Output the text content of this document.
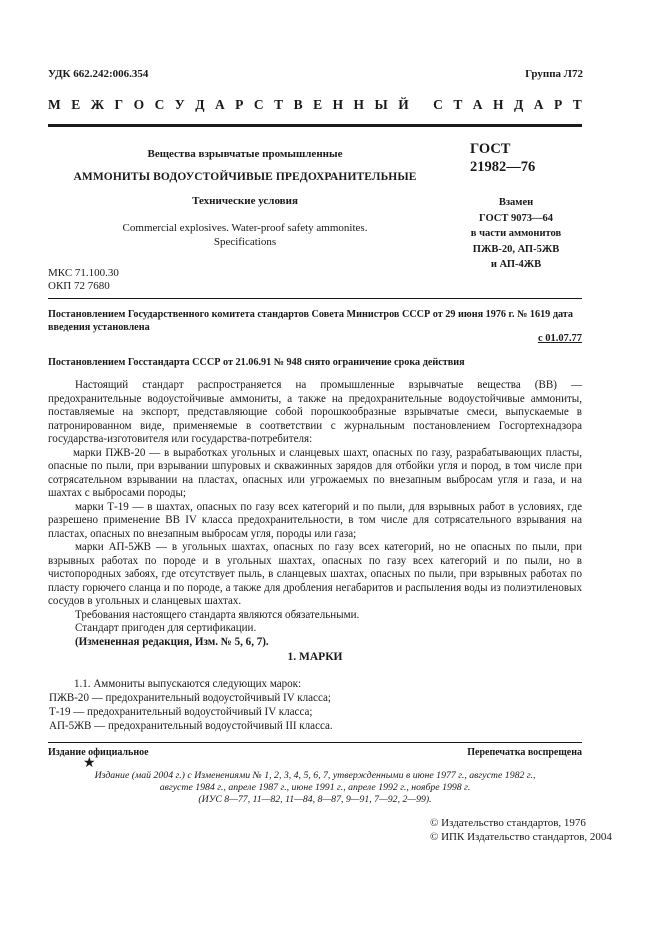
УДК 662.242:006.354	Группа Л72
М Е Ж Г О С У Д А Р С Т В Е Н Н Ы Й
С Т А Н Д А Р Т
Вещества взрывчатые промышленные
АММОНИТЫ ВОДОУСТОЙЧИВЫЕ ПРЕДОХРАНИТЕЛЬНЫЕ
Технические условия
Commercial explosives. Water-proof safety ammonites.
Specifications
ГОСТ
21982—76
Взамен
ГОСТ 9073—64
в части аммонитов
ПЖВ-20, АП-5ЖВ
и АП-4ЖВ
МКС 71.100.30
ОКП 72 7680
Постановлением Государственного комитета стандартов Совета Министров СССР от 29 июня 1976 г. № 1619 дата введения установлена
с 01.07.77
Постановлением Госстандарта СССР от 21.06.91 № 948 снято ограничение срока действия

Настоящий стандарт распространяется на промышленные взрывчатые вещества (ВВ) — предохранительные водоустойчивые аммониты, а также на предохранительные водоустойчивые аммониты, поставляемые на экспорт, представляющие собой порошкообразные взрывчатые смеси, выпускаемые в патронированном виде, применяемые в соответствии с журнальным постановлением Госгортехнадзора государства-изготовителя или государства-потребителя:

марки ПЖВ-20 — в выработках угольных и сланцевых шахт, опасных по газу, разрабатывающих пласты, опасные по пыли, при взрывании шпуровых и скважинных зарядов для отбойки угля и пород, в том числе при сотрясательном взрывании на пластах, опасных или угрожаемых по внезапным выбросам угля и газа, и на шахтах с выбросами породы;

марки Т-19 — в шахтах, опасных по газу всех категорий и по пыли, для взрывных работ в условиях, где разрешено применение ВВ IV класса предохранительности, в том числе для сотрясательного взрывания на пластах, опасных по внезапным выбросам угля, породы или газа;

марки АП-5ЖВ — в угольных шахтах, опасных по газу всех категорий, но не опасных по пыли, при взрывных работах по породе и в угольных шахтах, опасных по газу всех категорий и по пыли, но в чистопородных забоях, где отсутствует пыль, в сланцевых шахтах, опасных по пыли, при взрывных работах по пласту горючего сланца и по породе, а также для дробления негабаритов и распыления воды из полиэтиленовых сосудов в угольных и сланцевых шахтах.

Требования настоящего стандарта являются обязательными.

Стандарт пригоден для сертификации.

(Измененная редакция, Изм. № 5, 6, 7).

1. МАРКИ

1.1. Аммониты выпускаются следующих марок:

ПЖВ-20 — предохранительный водоустойчивый IV класса;

Т-19 — предохранительный водоустойчивый IV класса;

АП-5ЖВ — предохранительный водоустойчивый III класса.

Издание официальное	Перепечатка воспрещена
★
Издание (май 2004 г.) с Изменениями № 1, 2, 3, 4, 5, 6, 7, утвержденными в июне 1977 г., августе 1982 г.,
августе 1984 г., апреле 1987 г., июне 1991 г., апреле 1992 г., ноябре 1998 г.
(ИУС 8—77, 11—82, 11—84, 8—87, 9—91, 7—92, 2—99).

© Издательство стандартов, 1976

© ИПК Издательство стандартов, 2004
